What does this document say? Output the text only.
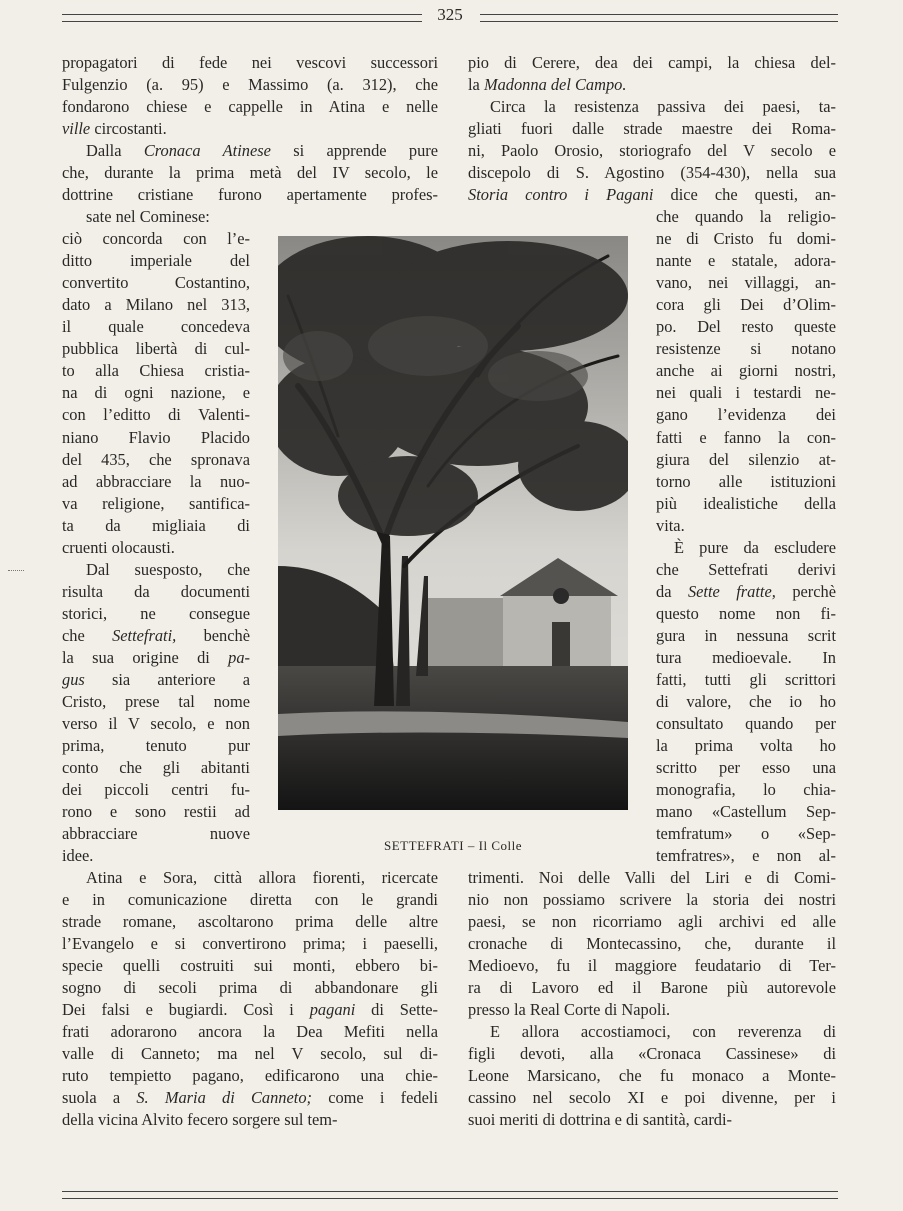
325
propagatori di fede nei vescovi successori
Fulgenzio (a. 95) e Massimo (a. 312), che
fondarono chiese e cappelle in Atina e nelle
ville circostanti.
Dalla Cronaca Atinese si apprende pure
che, durante la prima metà del IV secolo, le
dottrine cristiane furono apertamente profes-
sate nel Cominese:
ciò concorda con l’e-
ditto imperiale del
convertito Costantino,
dato a Milano nel 313,
il quale concedeva
pubblica libertà di cul-
to alla Chiesa cristia-
na di ogni nazione, e
con l’editto di Valenti-
niano Flavio Placido
del 435, che spronava
ad abbracciare la nuo-
va religione, santifica-
ta da migliaia di
cruenti olocausti.
Dal suesposto, che
risulta da documenti
storici, ne consegue
che Settefrati, benchè
la sua origine di pa-
gus sia anteriore a
Cristo, prese tal nome
verso il V secolo, e non
prima, tenuto pur
conto che gli abitanti
dei piccoli centri fu-
rono e sono restii ad
abbracciare nuove
idee.
Atina e Sora, città allora fiorenti, ricercate
e in comunicazione diretta con le grandi
strade romane, ascoltarono prima delle altre
l’Evangelo e si convertirono prima; i paeselli,
specie quelli costruiti sui monti, ebbero bi-
sogno di secoli prima di abbandonare gli
Dei falsi e bugiardi. Così i pagani di Sette-
frati adorarono ancora la Dea Mefiti nella
valle di Canneto; ma nel V secolo, sul di-
ruto tempietto pagano, edificarono una chie-
suola a S. Maria di Canneto; come i fedeli
della vicina Alvito fecero sorgere sul tem-
pio di Cerere, dea dei campi, la chiesa del-
la Madonna del Campo.
Circa la resistenza passiva dei paesi, ta-
gliati fuori dalle strade maestre dei Roma-
ni, Paolo Orosio, storiografo del V secolo e
discepolo di S. Agostino (354-430), nella sua
Storia contro i Pagani dice che questi, an-
che quando la religio-
ne di Cristo fu domi-
nante e statale, adora-
vano, nei villaggi, an-
cora gli Dei d’Olim-
po. Del resto queste
resistenze si notano
anche ai giorni nostri,
nei quali i testardi ne-
gano l’evidenza dei
fatti e fanno la con-
giura del silenzio at-
torno alle istituzioni
più idealistiche della
vita.
È pure da escludere
che Settefrati derivi
da Sette fratte, perchè
questo nome non fi-
gura in nessuna scrit
tura medioevale. In
fatti, tutti gli scrittori
di valore, che io ho
consultato quando per
la prima volta ho
scritto per esso una
monografia, lo chia-
mano «Castellum Sep-
temfratum» o «Sep-
temfratres», e non al-
trimenti. Noi delle Valli del Liri e di Comi-
nio non possiamo scrivere la storia dei nostri
paesi, se non ricorriamo agli archivi ed alle
cronache di Montecassino, che, durante il
Medioevo, fu il maggiore feudatario di Ter-
ra di Lavoro ed il Barone più autorevole
presso la Real Corte di Napoli.
E allora accostiamoci, con reverenza di
figli devoti, alla «Cronaca Cassinese» di
Leone Marsicano, che fu monaco a Monte-
cassino nel secolo XI e poi divenne, per i
suoi meriti di dottrina e di santità, cardi-
SETTEFRATI – Il Colle
